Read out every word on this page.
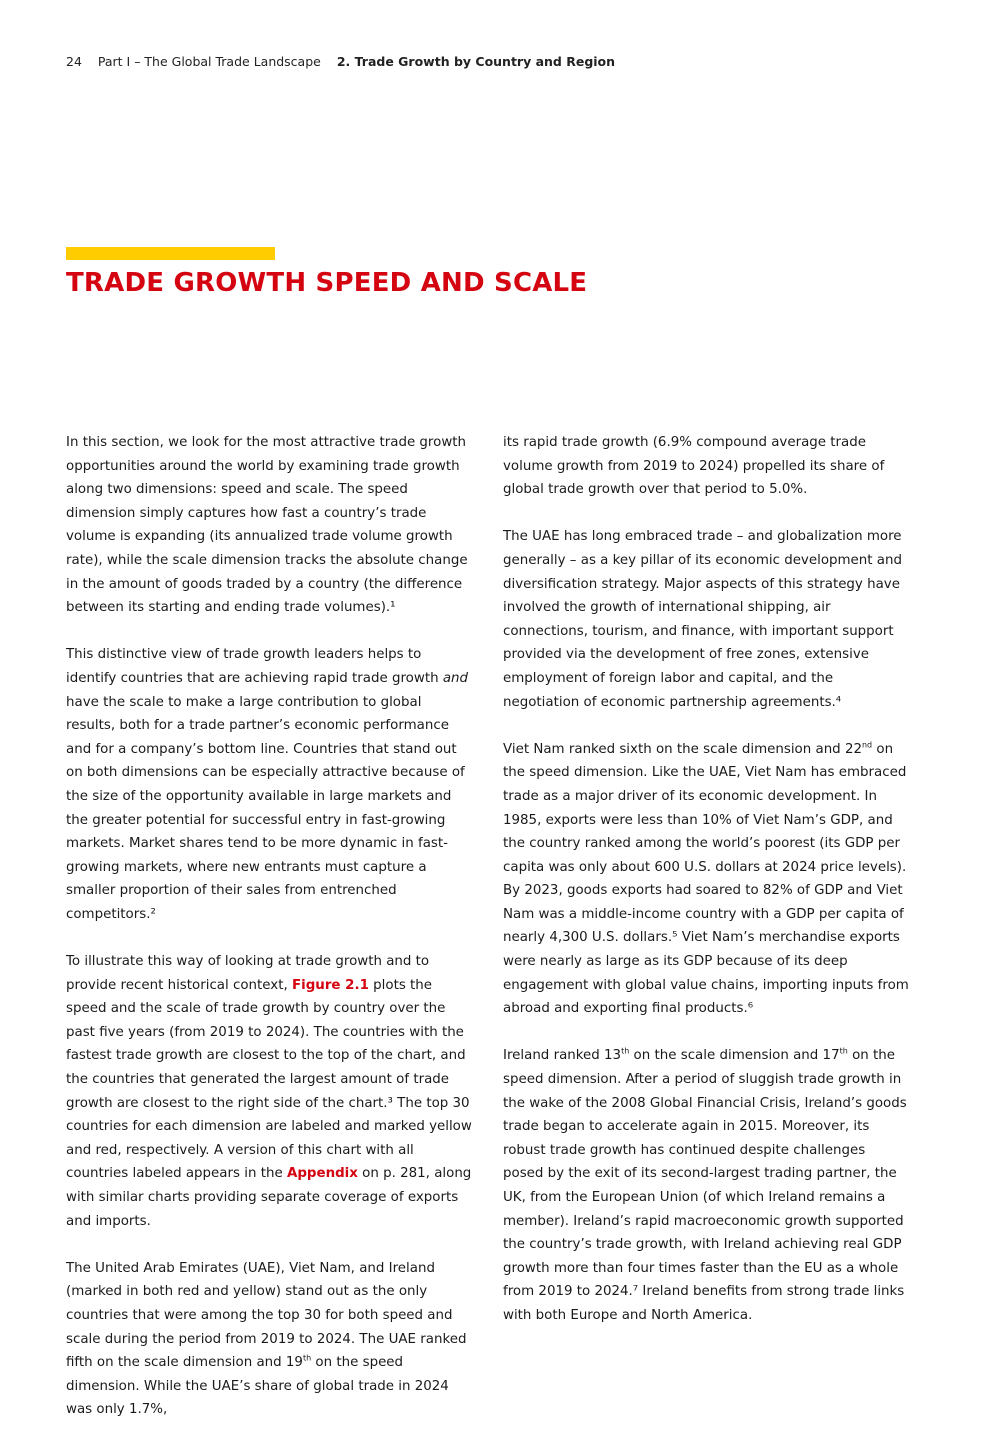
24 Part I – The Global Trade Landscape 2. Trade Growth by Country and Region
TRADE GROWTH SPEED AND SCALE

In this section, we look for the most attractive trade growth opportunities around the world by examining trade growth along two dimensions: speed and scale. The speed dimension simply captures how fast a country’s trade volume is expanding (its annualized trade volume growth rate), while the scale dimension tracks the absolute change in the amount of goods traded by a country (the difference between its starting and ending trade volumes).¹

This distinctive view of trade growth leaders helps to identify countries that are achieving rapid trade growth and have the scale to make a large contribution to global results, both for a trade partner’s economic performance and for a company’s bottom line. Countries that stand out on both dimensions can be especially attractive because of the size of the opportunity available in large markets and the greater potential for successful entry in fast-growing markets. Market shares tend to be more dynamic in fast-growing markets, where new entrants must capture a smaller proportion of their sales from entrenched competitors.²

To illustrate this way of looking at trade growth and to provide recent historical context, Figure 2.1 plots the speed and the scale of trade growth by country over the past five years (from 2019 to 2024). The countries with the fastest trade growth are closest to the top of the chart, and the countries that generated the largest amount of trade growth are closest to the right side of the chart.³ The top 30 countries for each dimension are labeled and marked yellow and red, respectively. A version of this chart with all countries labeled appears in the Appendix on p. 281, along with similar charts providing separate coverage of exports and imports.

The United Arab Emirates (UAE), Viet Nam, and Ireland (marked in both red and yellow) stand out as the only countries that were among the top 30 for both speed and scale during the period from 2019 to 2024. The UAE ranked fifth on the scale dimension and 19th on the speed dimension. While the UAE’s share of global trade in 2024 was only 1.7%,

its rapid trade growth (6.9% compound average trade volume growth from 2019 to 2024) propelled its share of global trade growth over that period to 5.0%.

The UAE has long embraced trade – and globalization more generally – as a key pillar of its economic development and diversification strategy. Major aspects of this strategy have involved the growth of international shipping, air connections, tourism, and finance, with important support provided via the development of free zones, extensive employment of foreign labor and capital, and the negotiation of economic partnership agreements.⁴

Viet Nam ranked sixth on the scale dimension and 22nd on the speed dimension. Like the UAE, Viet Nam has embraced trade as a major driver of its economic development. In 1985, exports were less than 10% of Viet Nam’s GDP, and the country ranked among the world’s poorest (its GDP per capita was only about 600 U.S. dollars at 2024 price levels). By 2023, goods exports had soared to 82% of GDP and Viet Nam was a middle-income country with a GDP per capita of nearly 4,300 U.S. dollars.⁵ Viet Nam’s merchandise exports were nearly as large as its GDP because of its deep engagement with global value chains, importing inputs from abroad and exporting final products.⁶

Ireland ranked 13th on the scale dimension and 17th on the speed dimension. After a period of sluggish trade growth in the wake of the 2008 Global Financial Crisis, Ireland’s goods trade began to accelerate again in 2015. Moreover, its robust trade growth has continued despite challenges posed by the exit of its second-largest trading partner, the UK, from the European Union (of which Ireland remains a member). Ireland’s rapid macroeconomic growth supported the country’s trade growth, with Ireland achieving real GDP growth more than four times faster than the EU as a whole from 2019 to 2024.⁷ Ireland benefits from strong trade links with both Europe and North America.
